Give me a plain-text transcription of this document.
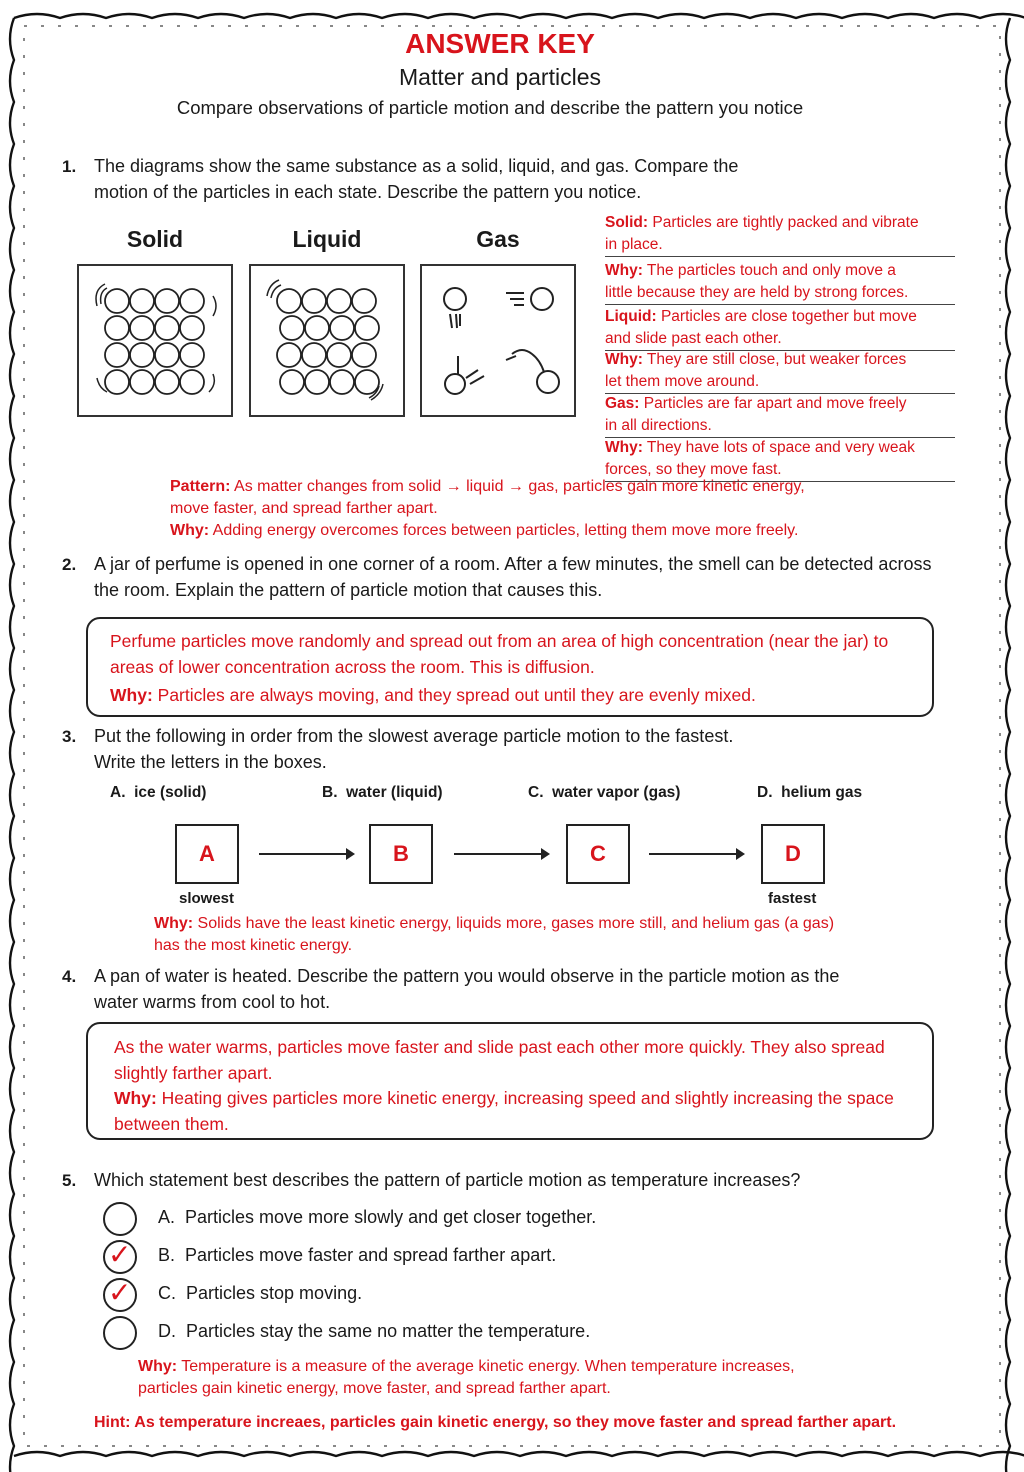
ANSWER KEY
Matter and particles
Compare observations of particle motion and describe the pattern you notice
1. The diagrams show the same substance as a solid, liquid, and gas. Compare the motion of the particles in each state. Describe the pattern you notice.
Solid	Liquid	Gas
Solid: Particles are tightly packed and vibrate
in place.
Why: The particles touch and only move a
little because they are held by strong forces.
Liquid: Particles are close together but move
and slide past each other.
Why: They are still close, but weaker forces
let them move around.
Gas: Particles are far apart and move freely
in all directions.
Why: They have lots of space and very weak
forces, so they move fast.
Pattern: As matter changes from solid → liquid → gas, particles gain more kinetic energy,
move faster, and spread farther apart.
Why: Adding energy overcomes forces between particles, letting them move more freely.
2. A jar of perfume is opened in one corner of a room. After a few minutes, the smell can be detected across the room. Explain the pattern of particle motion that causes this.
Perfume particles move randomly and spread out from an area of high concentration (near the jar) to areas of lower concentration across the room. This is diffusion.
Why: Particles are always moving, and they spread out until they are evenly mixed.
3. Put the following in order from the slowest average particle motion to the fastest.
Write the letters in the boxes.
A. ice (solid)	B. water (liquid)	C. water vapor (gas)	D. helium gas
A	B	C	D
slowest	fastest
Why: Solids have the least kinetic energy, liquids more, gases more still, and helium gas (a gas)
has the most kinetic energy.
4. A pan of water is heated. Describe the pattern you would observe in the particle motion as the water warms from cool to hot.
As the water warms, particles move faster and slide past each other more quickly. They also spread slightly farther apart.
Why: Heating gives particles more kinetic energy, increasing speed and slightly increasing the space between them.
5. Which statement best describes the pattern of particle motion as temperature increases?
A. Particles move more slowly and get closer together.
✓ B. Particles move faster and spread farther apart.
✓ C. Particles stop moving.
D. Particles stay the same no matter the temperature.
Why: Temperature is a measure of the average kinetic energy. When temperature increases,
particles gain kinetic energy, move faster, and spread farther apart.
Hint: As temperature increaes, particles gain kinetic energy, so they move faster and spread farther apart.
